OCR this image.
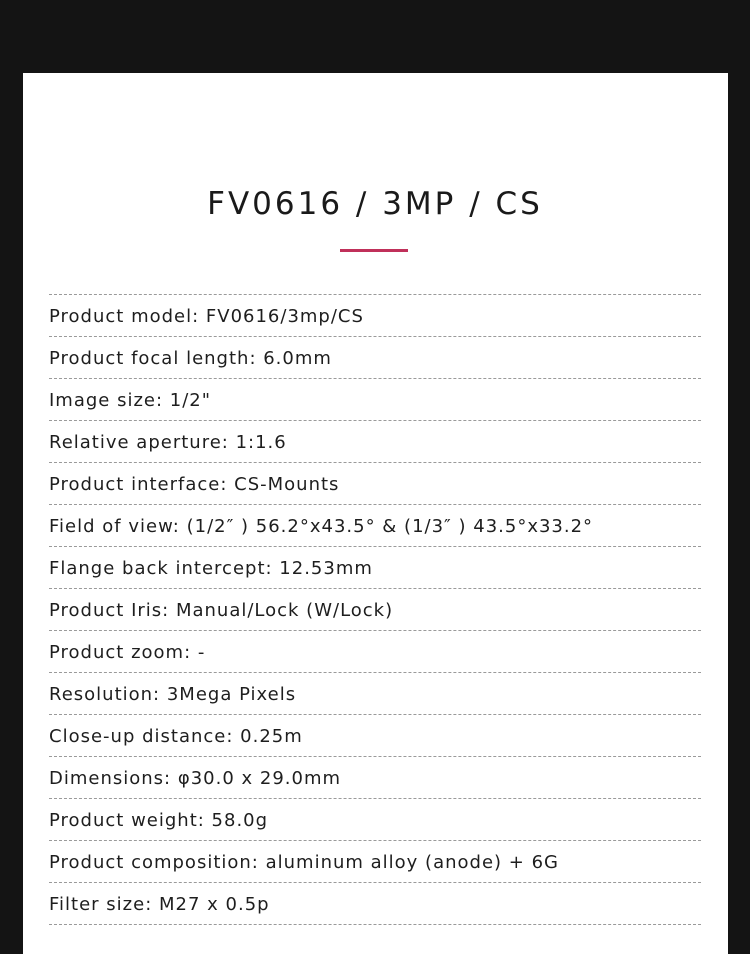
FV0616 / 3MP / CS
Product model: FV0616/3mp/CS
Product focal length: 6.0mm
Image size: 1/2"
Relative aperture: 1:1.6
Product interface: CS-Mounts
Field of view: (1/2″ ) 56.2°x43.5° & (1/3″ ) 43.5°x33.2°
Flange back intercept: 12.53mm
Product Iris: Manual/Lock (W/Lock)
Product zoom: -
Resolution: 3Mega Pixels
Close-up distance: 0.25m
Dimensions: φ30.0 x 29.0mm
Product weight: 58.0g
Product composition: aluminum alloy (anode) + 6G
Filter size: M27 x 0.5p
